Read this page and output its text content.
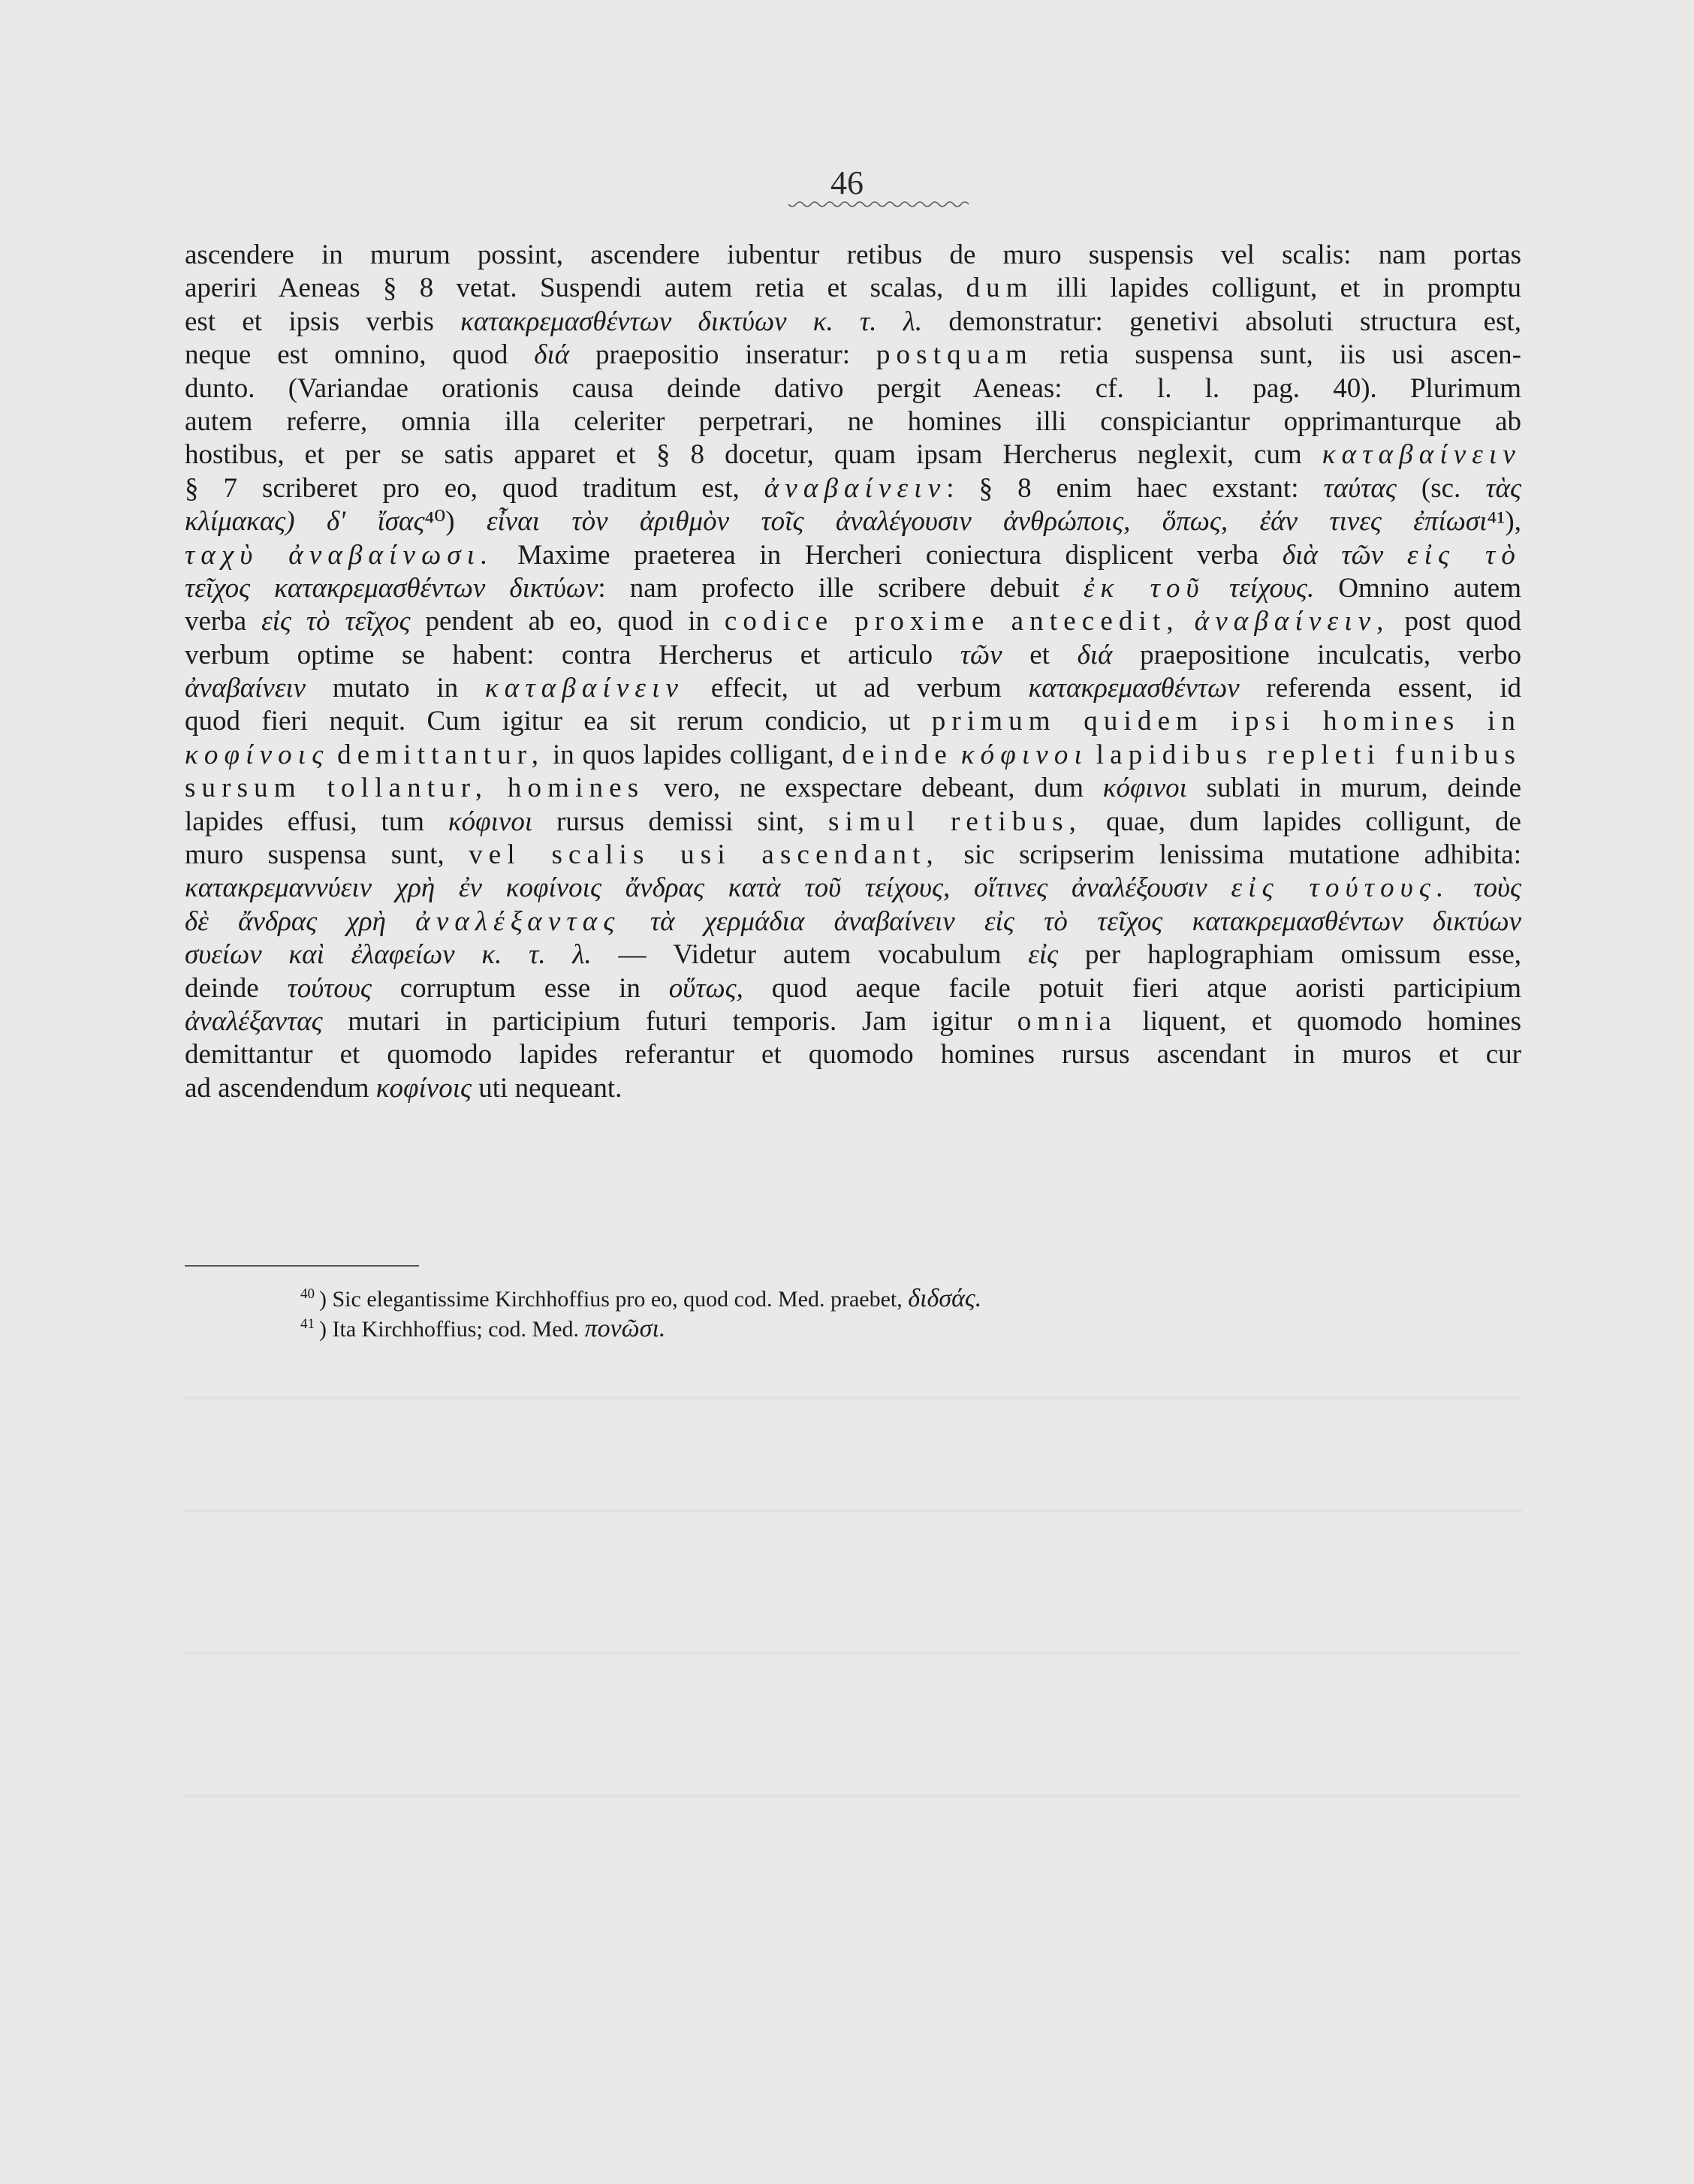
46
ascendere in murum possint, ascendere iubentur retibus de muro suspensis vel scalis: nam portas
aperiri Aeneas § 8 vetat. Suspendi autem retia et scalas, dum illi lapides colligunt, et in promptu
est et ipsis verbis κατακρεμασθέντων δικτύων κ. τ. λ. demonstratur: genetivi absoluti structura est,
neque est omnino, quod διά praepositio inseratur: postquam retia suspensa sunt, iis usi ascen-
dunto. (Variandae orationis causa deinde dativo pergit Aeneas: cf. l. l. pag. 40). Plurimum
autem referre, omnia illa celeriter perpetrari, ne homines illi conspiciantur opprimanturque ab
hostibus, et per se satis apparet et § 8 docetur, quam ipsam Hercherus neglexit, cum καταβαίνειν
§ 7 scriberet pro eo, quod traditum est, ἀναβαίνειν: § 8 enim haec exstant: ταύτας (sc. τὰς
κλίμακας) δ' ἴσας⁴⁰) εἶναι τὸν ἀριθμὸν τοῖς ἀναλέγουσιν ἀνθρώποις, ὅπως, ἐάν τινες ἐπίωσι⁴¹),
ταχὺ ἀναβαίνωσι. Maxime praeterea in Hercheri coniectura displicent verba διὰ τῶν εἰς τὸ
τεῖχος κατακρεμασθέντων δικτύων: nam profecto ille scribere debuit ἐκ τοῦ τείχους. Omnino autem
verba εἰς τὸ τεῖχος pendent ab eo, quod in codice proxime antecedit, ἀναβαίνειν, post quod
verbum optime se habent: contra Hercherus et articulo τῶν et διά praepositione inculcatis, verbo
ἀναβαίνειν mutato in καταβαίνειν effecit, ut ad verbum κατακρεμασθέντων referenda essent, id
quod fieri nequit. Cum igitur ea sit rerum condicio, ut primum quidem ipsi homines in
κοφίνοις demittantur, in quos lapides colligant, deinde κόφινοι lapidibus repleti funibus
sursum tollantur, homines vero, ne exspectare debeant, dum κόφινοι sublati in murum, deinde
lapides effusi, tum κόφινοι rursus demissi sint, simul retibus, quae, dum lapides colligunt, de
muro suspensa sunt, vel scalis usi ascendant, sic scripserim lenissima mutatione adhibita:
κατακρεμαννύειν χρὴ ἐν κοφίνοις ἄνδρας κατὰ τοῦ τείχους, οἵτινες ἀναλέξουσιν εἰς τούτους. τοὺς
δὲ ἄνδρας χρὴ ἀναλέξαντας τὰ χερμάδια ἀναβαίνειν εἰς τὸ τεῖχος κατακρεμασθέντων δικτύων
συείων καὶ ἐλαφείων κ. τ. λ. — Videtur autem vocabulum εἰς per haplographiam omissum esse,
deinde τούτους corruptum esse in οὕτως, quod aeque facile potuit fieri atque aoristi participium
ἀναλέξαντας mutari in participium futuri temporis. Jam igitur omnia liquent, et quomodo homines
demittantur et quomodo lapides referantur et quomodo homines rursus ascendant in muros et cur
ad ascendendum κοφίνοις uti nequeant.
$^{40}$ ) Sic elegantissime Kirchhoffius pro eo, quod cod. Med. praebet, διδσάς.
$^{41}$ ) Ita Kirchhoffius; cod. Med. πονῶσι.
